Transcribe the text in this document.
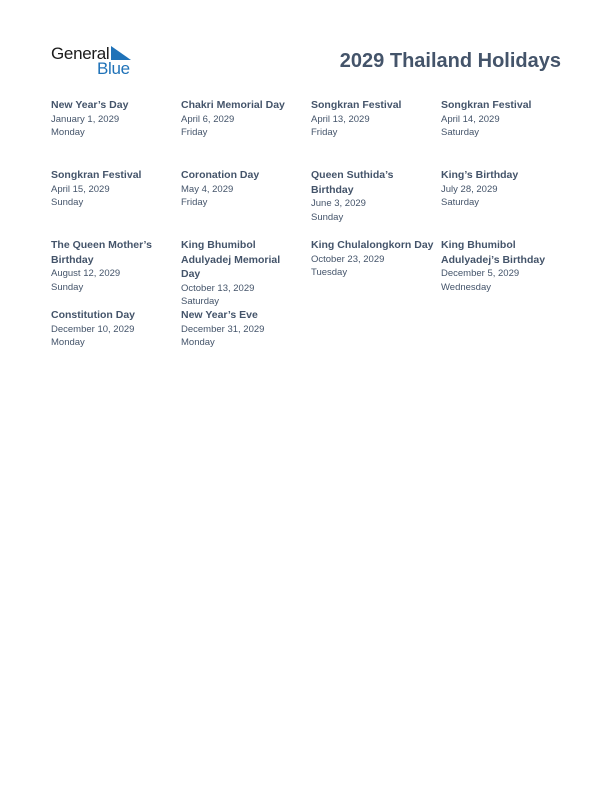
General
Blue	2029 Thailand Holidays
New Year’s Day
January 1, 2029
Monday
Chakri Memorial Day
April 6, 2029
Friday
Songkran Festival
April 13, 2029
Friday
Songkran Festival
April 14, 2029
Saturday
Songkran Festival
April 15, 2029
Sunday
Coronation Day
May 4, 2029
Friday
Queen Suthida’s Birthday
June 3, 2029
Sunday
King’s Birthday
July 28, 2029
Saturday
The Queen Mother’s Birthday
August 12, 2029
Sunday
King Bhumibol Adulyadej Memorial Day
October 13, 2029
Saturday
King Chulalongkorn Day
October 23, 2029
Tuesday
King Bhumibol Adulyadej’s Birthday
December 5, 2029
Wednesday
Constitution Day
December 10, 2029
Monday
New Year’s Eve
December 31, 2029
Monday
